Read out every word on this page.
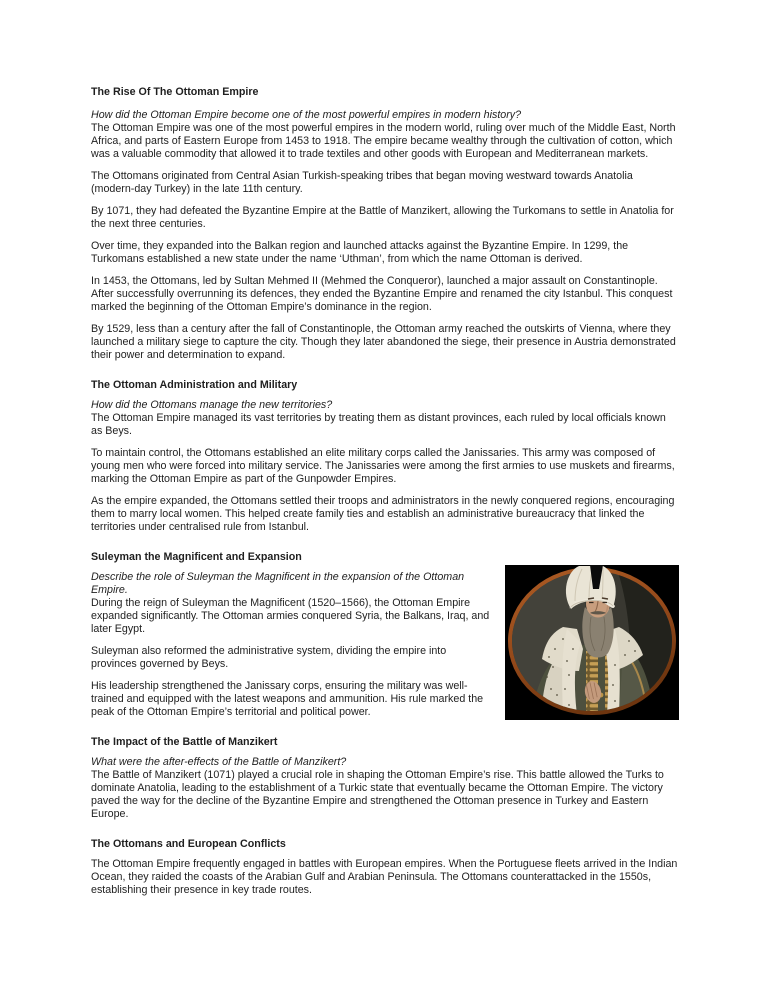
The Rise Of The Ottoman Empire
How did the Ottoman Empire become one of the most powerful empires in modern history?

The Ottoman Empire was one of the most powerful empires in the modern world, ruling over much of the Middle East, North Africa, and parts of Eastern Europe from 1453 to 1918. The empire became wealthy through the cultivation of cotton, which was a valuable commodity that allowed it to trade textiles and other goods with European and Mediterranean markets.

The Ottomans originated from Central Asian Turkish-speaking tribes that began moving westward towards Anatolia (modern-day Turkey) in the late 11th century.

By 1071, they had defeated the Byzantine Empire at the Battle of Manzikert, allowing the Turkomans to settle in Anatolia for the next three centuries.

Over time, they expanded into the Balkan region and launched attacks against the Byzantine Empire. In 1299, the Turkomans established a new state under the name ‘Uthman’, from which the name Ottoman is derived.

In 1453, the Ottomans, led by Sultan Mehmed II (Mehmed the Conqueror), launched a major assault on Constantinople. After successfully overrunning its defences, they ended the Byzantine Empire and renamed the city Istanbul. This conquest marked the beginning of the Ottoman Empire’s dominance in the region.

By 1529, less than a century after the fall of Constantinople, the Ottoman army reached the outskirts of Vienna, where they launched a military siege to capture the city. Though they later abandoned the siege, their presence in Austria demonstrated their power and determination to expand.

The Ottoman Administration and Military
How did the Ottomans manage the new territories?

The Ottoman Empire managed its vast territories by treating them as distant provinces, each ruled by local officials known as Beys.

To maintain control, the Ottomans established an elite military corps called the Janissaries. This army was composed of young men who were forced into military service. The Janissaries were among the first armies to use muskets and firearms, marking the Ottoman Empire as part of the Gunpowder Empires.

As the empire expanded, the Ottomans settled their troops and administrators in the newly conquered regions, encouraging them to marry local women. This helped create family ties and establish an administrative bureaucracy that linked the territories under centralised rule from Istanbul.

Suleyman the Magnificent and Expansion
Describe the role of Suleyman the Magnificent in the expansion of the Ottoman Empire.

During the reign of Suleyman the Magnificent (1520–1566), the Ottoman Empire expanded significantly. The Ottoman armies conquered Syria, the Balkans, Iraq, and later Egypt.

Suleyman also reformed the administrative system, dividing the empire into provinces governed by Beys.

His leadership strengthened the Janissary corps, ensuring the military was well-trained and equipped with the latest weapons and ammunition. His rule marked the peak of the Ottoman Empire’s territorial and political power.

The Impact of the Battle of Manzikert
What were the after-effects of the Battle of Manzikert?

The Battle of Manzikert (1071) played a crucial role in shaping the Ottoman Empire’s rise. This battle allowed the Turks to dominate Anatolia, leading to the establishment of a Turkic state that eventually became the Ottoman Empire. The victory paved the way for the decline of the Byzantine Empire and strengthened the Ottoman presence in Turkey and Eastern Europe.

The Ottomans and European Conflicts

The Ottoman Empire frequently engaged in battles with European empires. When the Portuguese fleets arrived in the Indian Ocean, they raided the coasts of the Arabian Gulf and Arabian Peninsula. The Ottomans counterattacked in the 1550s, establishing their presence in key trade routes.
